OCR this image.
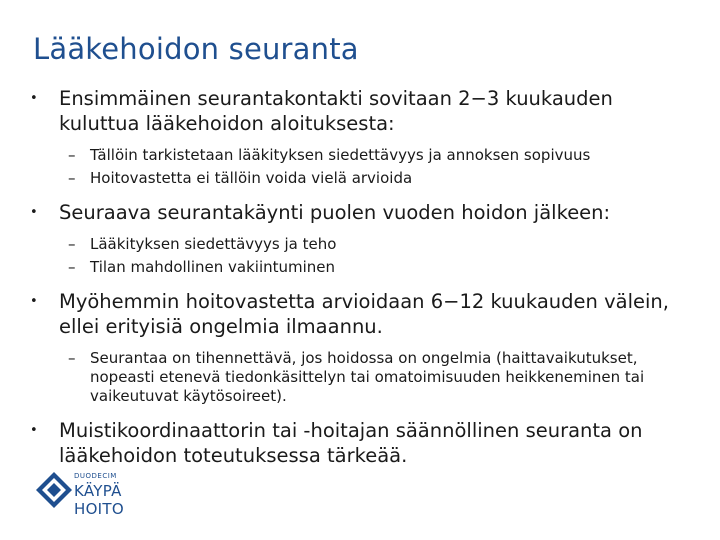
Lääkehoidon seuranta
• Ensimmäinen seurantakontakti sovitaan 2−3 kuukauden kuluttua lääkehoidon aloituksesta:
– Tällöin tarkistetaan lääkityksen siedettävyys ja annoksen sopivuus
– Hoitovastetta ei tällöin voida vielä arvioida
• Seuraava seurantakäynti puolen vuoden hoidon jälkeen:
– Lääkityksen siedettävyys ja teho
– Tilan mahdollinen vakiintuminen
• Myöhemmin hoitovastetta arvioidaan 6−12 kuukauden välein, ellei erityisiä ongelmia ilmaannu.
– Seurantaa on tihennettävä, jos hoidossa on ongelmia (haittavaikutukset, nopeasti etenevä tiedonkäsittelyn tai omatoimisuuden heikkeneminen tai vaikeutuvat käytösoireet).
• Muistikoordinaattorin tai -hoitajan säännöllinen seuranta on lääkehoidon toteutuksessa tärkeää.
DUODECIM
KÄYPÄ HOITO
